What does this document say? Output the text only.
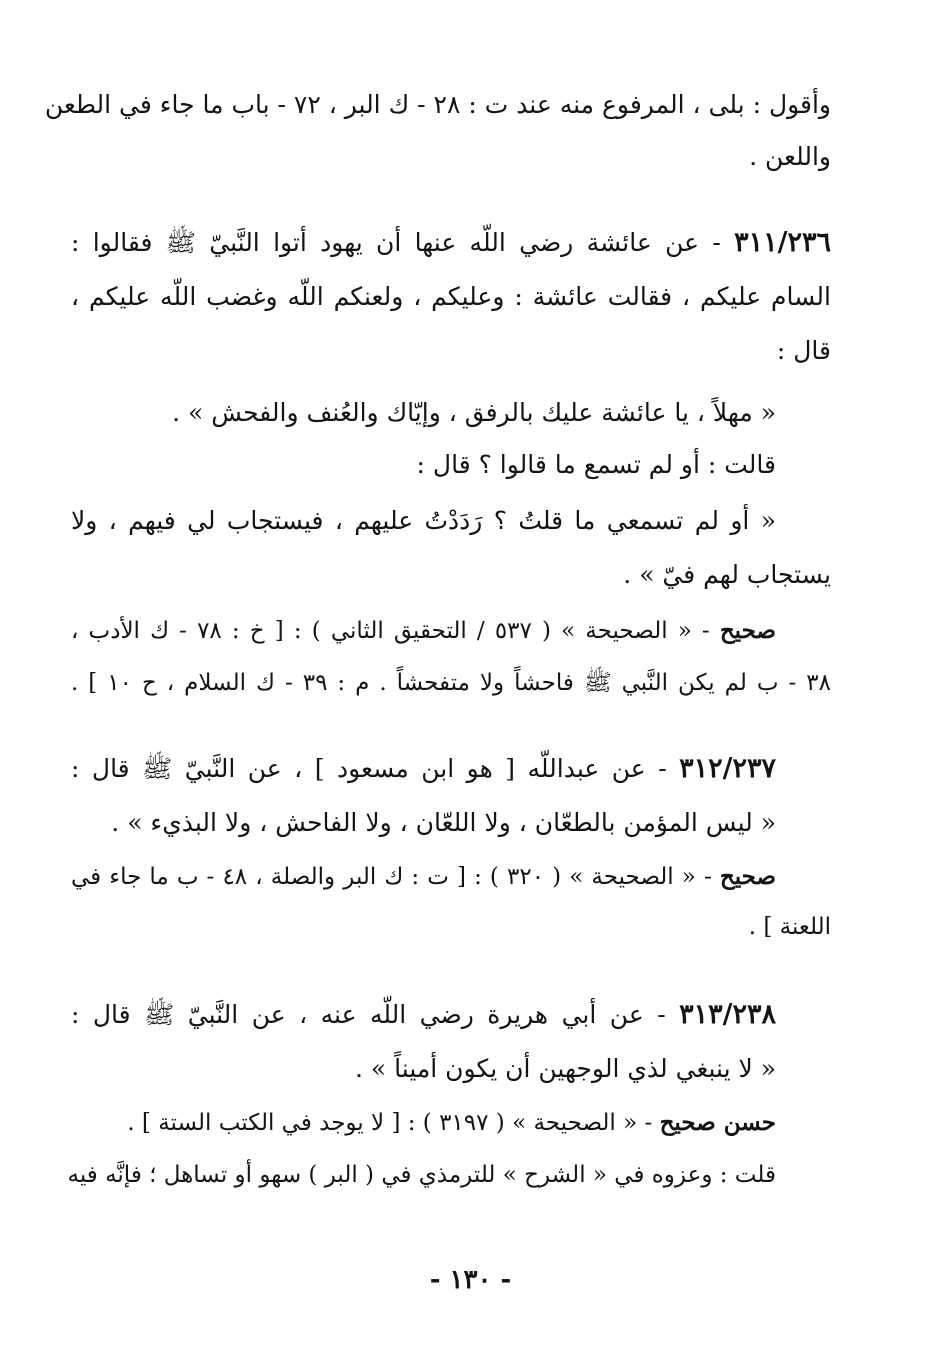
وأقول : بلى ، المرفوع منه عند ت : ٢٨ - ك البر ، ٧٢ - باب ما جاء في الطعن
واللعن .
٣١١/٢٣٦ - عن عائشة رضي اللّه عنها أن يهود أتوا النَّبيّ ﷺ فقالوا :
السام عليكم ، فقالت عائشة : وعليكم ، ولعنكم اللّه وغضب اللّه عليكم ،
قال :
« مهلاً ، يا عائشة عليك بالرفق ، وإيّاك والعُنف والفحش » .
قالت : أو لم تسمع ما قالوا ؟ قال :
« أو لم تسمعي ما قلتُ ؟ رَدَدْتُ عليهم ، فيستجاب لي فيهم ، ولا
يستجاب لهم فيّ » .
صحيح - « الصحيحة » ( ٥٣٧ / التحقيق الثاني ) : [ خ : ٧٨ - ك الأدب ،
٣٨ - ب لم يكن النَّبي ﷺ فاحشاً ولا متفحشاً . م : ٣٩ - ك السلام ، ح ١٠ ] .
٣١٢/٢٣٧ - عن عبداللّه [ هو ابن مسعود ] ، عن النَّبيّ ﷺ قال :
« ليس المؤمن بالطعّان ، ولا اللعّان ، ولا الفاحش ، ولا البذيء » .
صحيح - « الصحيحة » ( ٣٢٠ ) : [ ت : ك البر والصلة ، ٤٨ - ب ما جاء في
اللعنة ] .
٣١٣/٢٣٨ - عن أبي هريرة رضي اللّه عنه ، عن النَّبيّ ﷺ قال :
« لا ينبغي لذي الوجهين أن يكون أميناً » .
حسن صحيح - « الصحيحة » ( ٣١٩٧ ) : [ لا يوجد في الكتب الستة ] .
قلت : وعزوه في « الشرح » للترمذي في ( البر ) سهو أو تساهل ؛ فإنَّه فيه
- ١٣٠ -
